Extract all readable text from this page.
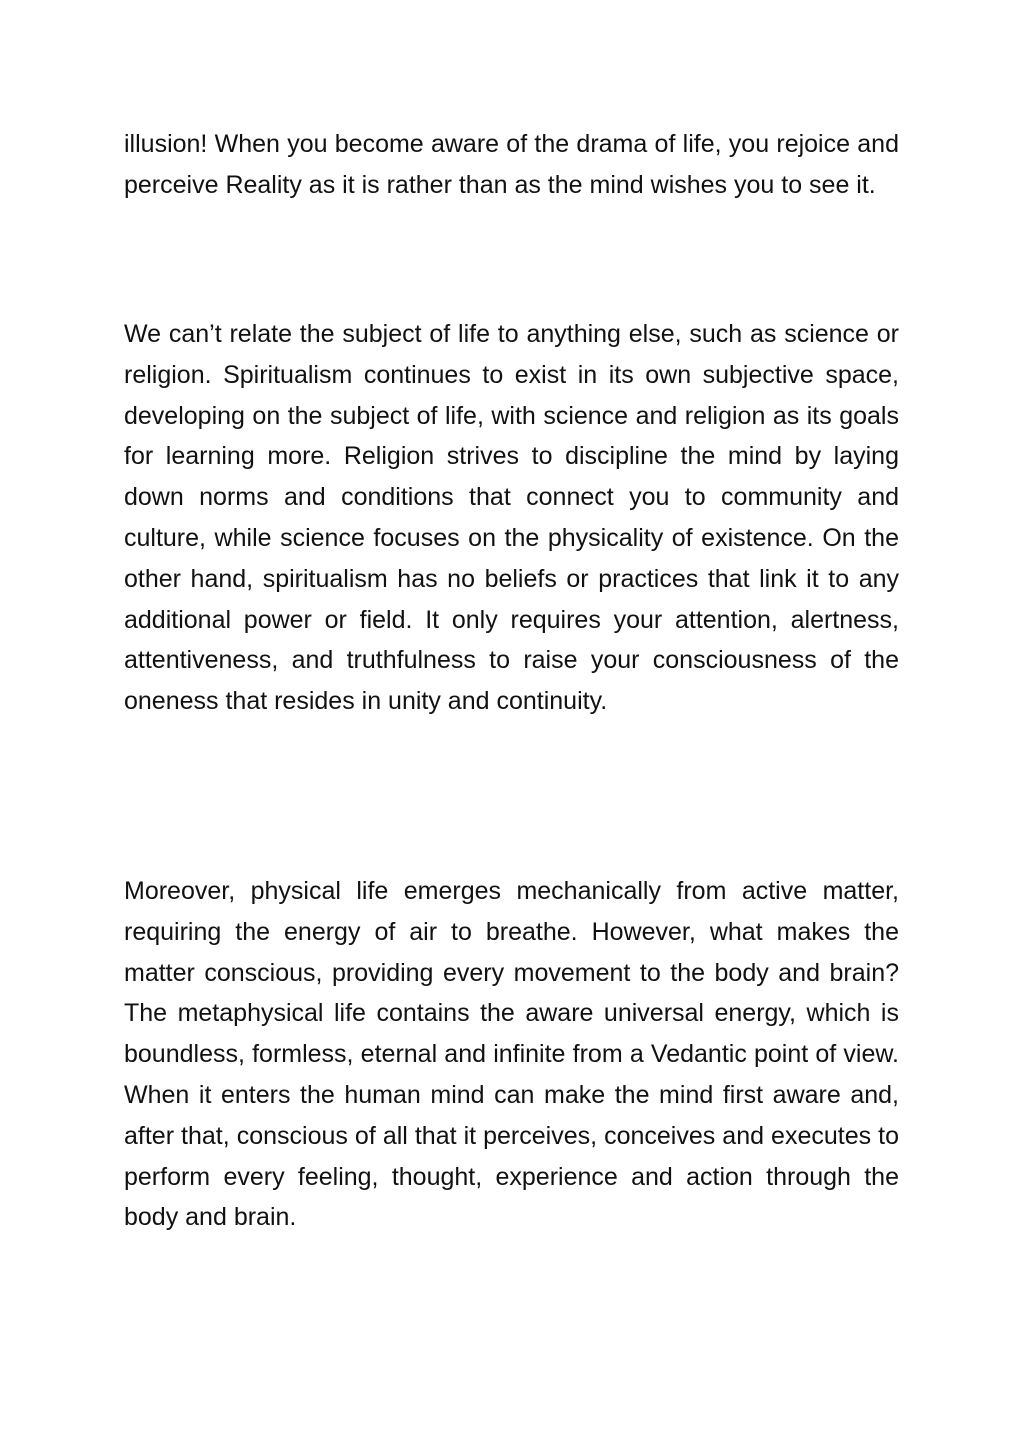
illusion! When you become aware of the drama of life, you rejoice and perceive Reality as it is rather than as the mind wishes you to see it.

We can’t relate the subject of life to anything else, such as science or religion. Spiritualism continues to exist in its own subjective space, developing on the subject of life, with science and religion as its goals for learning more. Religion strives to discipline the mind by laying down norms and conditions that connect you to community and culture, while science focuses on the physicality of existence. On the other hand, spiritualism has no beliefs or practices that link it to any additional power or field. It only requires your attention, alertness, attentiveness, and truthfulness to raise your consciousness of the oneness that resides in unity and continuity.

Moreover, physical life emerges mechanically from active matter, requiring the energy of air to breathe. However, what makes the matter conscious, providing every movement to the body and brain? The metaphysical life contains the aware universal energy, which is boundless, formless, eternal and infinite from a Vedantic point of view. When it enters the human mind can make the mind first aware and, after that, conscious of all that it perceives, conceives and executes to perform every feeling, thought, experience and action through the body and brain.
